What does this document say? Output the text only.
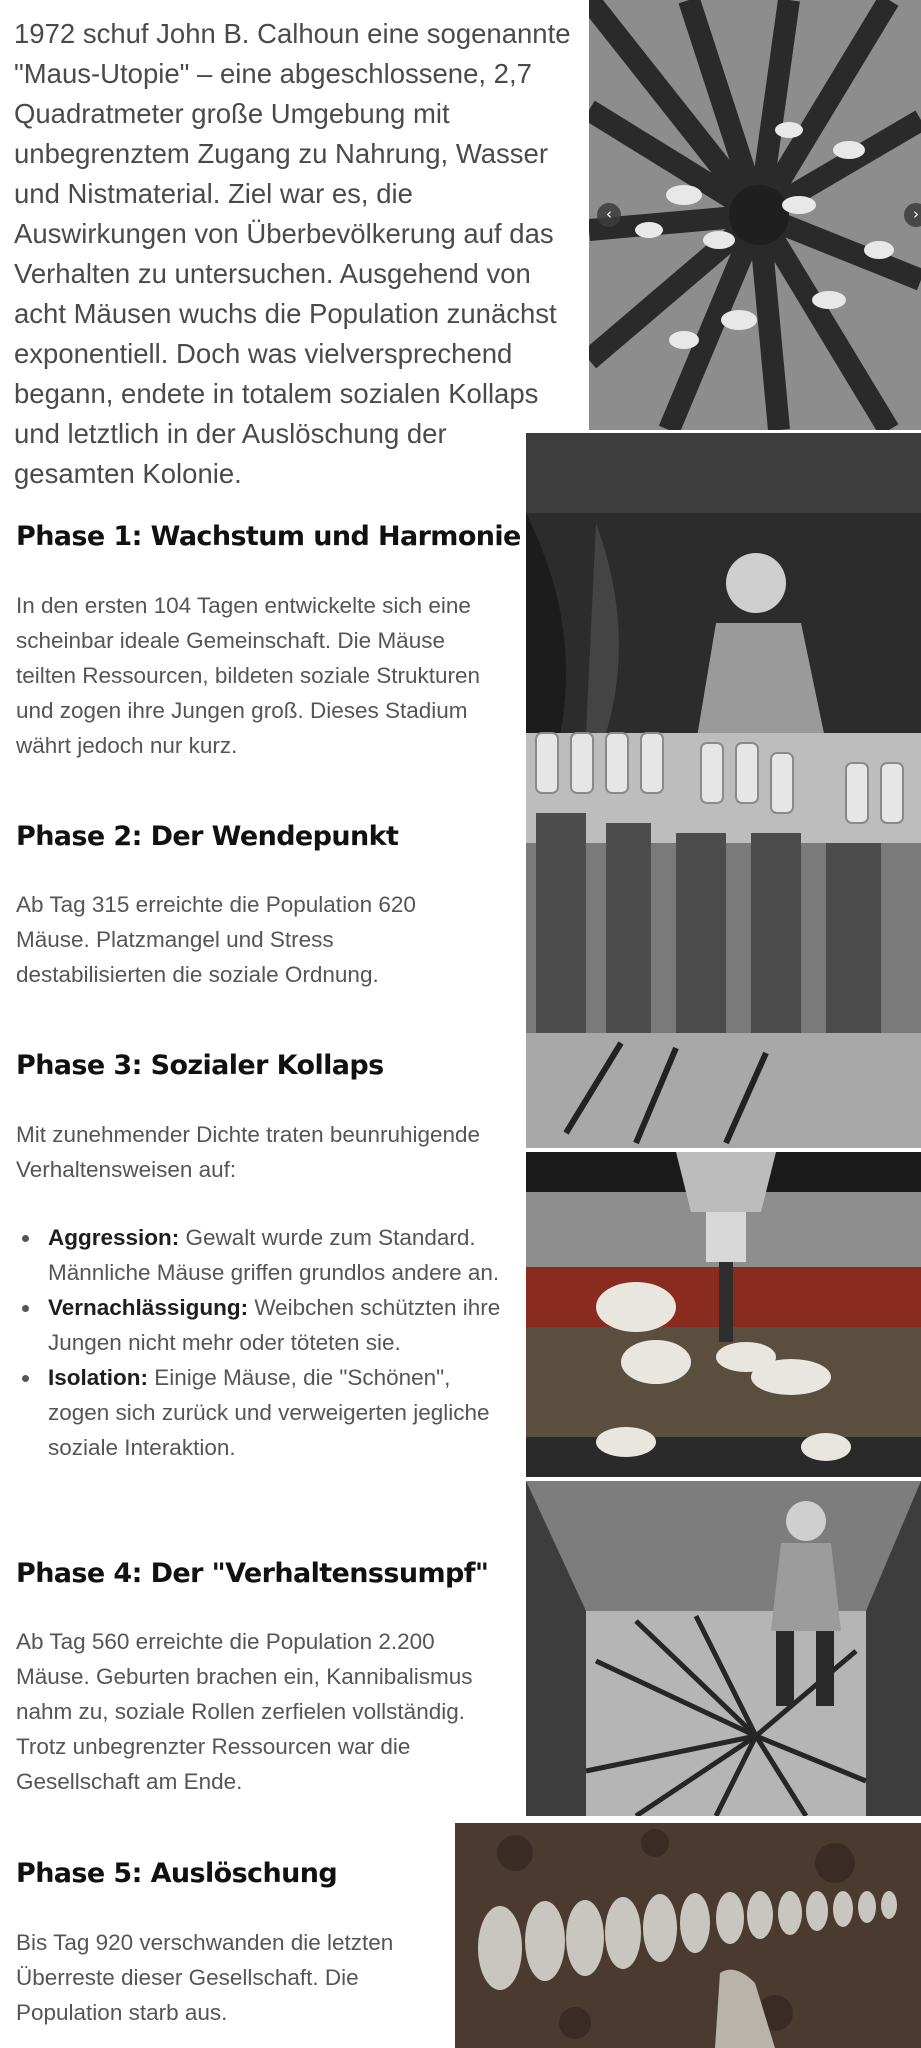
1972 schuf John B. Calhoun eine sogenannte "Maus-Utopie" – eine abgeschlossene, 2,7 Quadratmeter große Umgebung mit unbegrenztem Zugang zu Nahrung, Wasser und Nistmaterial. Ziel war es, die Auswirkungen von Überbevölkerung auf das Verhalten zu untersuchen. Ausgehend von acht Mäusen wuchs die Population zunächst exponentiell. Doch was vielversprechend begann, endete in totalem sozialen Kollaps und letztlich in der Auslöschung der gesamten Kolonie.

Phase 1: Wachstum und Harmonie

In den ersten 104 Tagen entwickelte sich eine scheinbar ideale Gemeinschaft. Die Mäuse teilten Ressourcen, bildeten soziale Strukturen und zogen ihre Jungen groß. Dieses Stadium währt jedoch nur kurz.

Phase 2: Der Wendepunkt

Ab Tag 315 erreichte die Population 620 Mäuse. Platzmangel und Stress destabilisierten die soziale Ordnung.

Phase 3: Sozialer Kollaps

Mit zunehmender Dichte traten beunruhigende Verhaltensweisen auf:

Aggression: Gewalt wurde zum Standard. Männliche Mäuse griffen grundlos andere an.
Vernachlässigung: Weibchen schützten ihre Jungen nicht mehr oder töteten sie.
Isolation: Einige Mäuse, die "Schönen", zogen sich zurück und verweigerten jegliche soziale Interaktion.
Phase 4: Der "Verhaltenssumpf"

Ab Tag 560 erreichte die Population 2.200 Mäuse. Geburten brachen ein, Kannibalismus nahm zu, soziale Rollen zerfielen vollständig. Trotz unbegrenzter Ressourcen war die Gesellschaft am Ende.

Phase 5: Auslöschung

Bis Tag 920 verschwanden die letzten Überreste dieser Gesellschaft. Die Population starb aus.

‹	›
